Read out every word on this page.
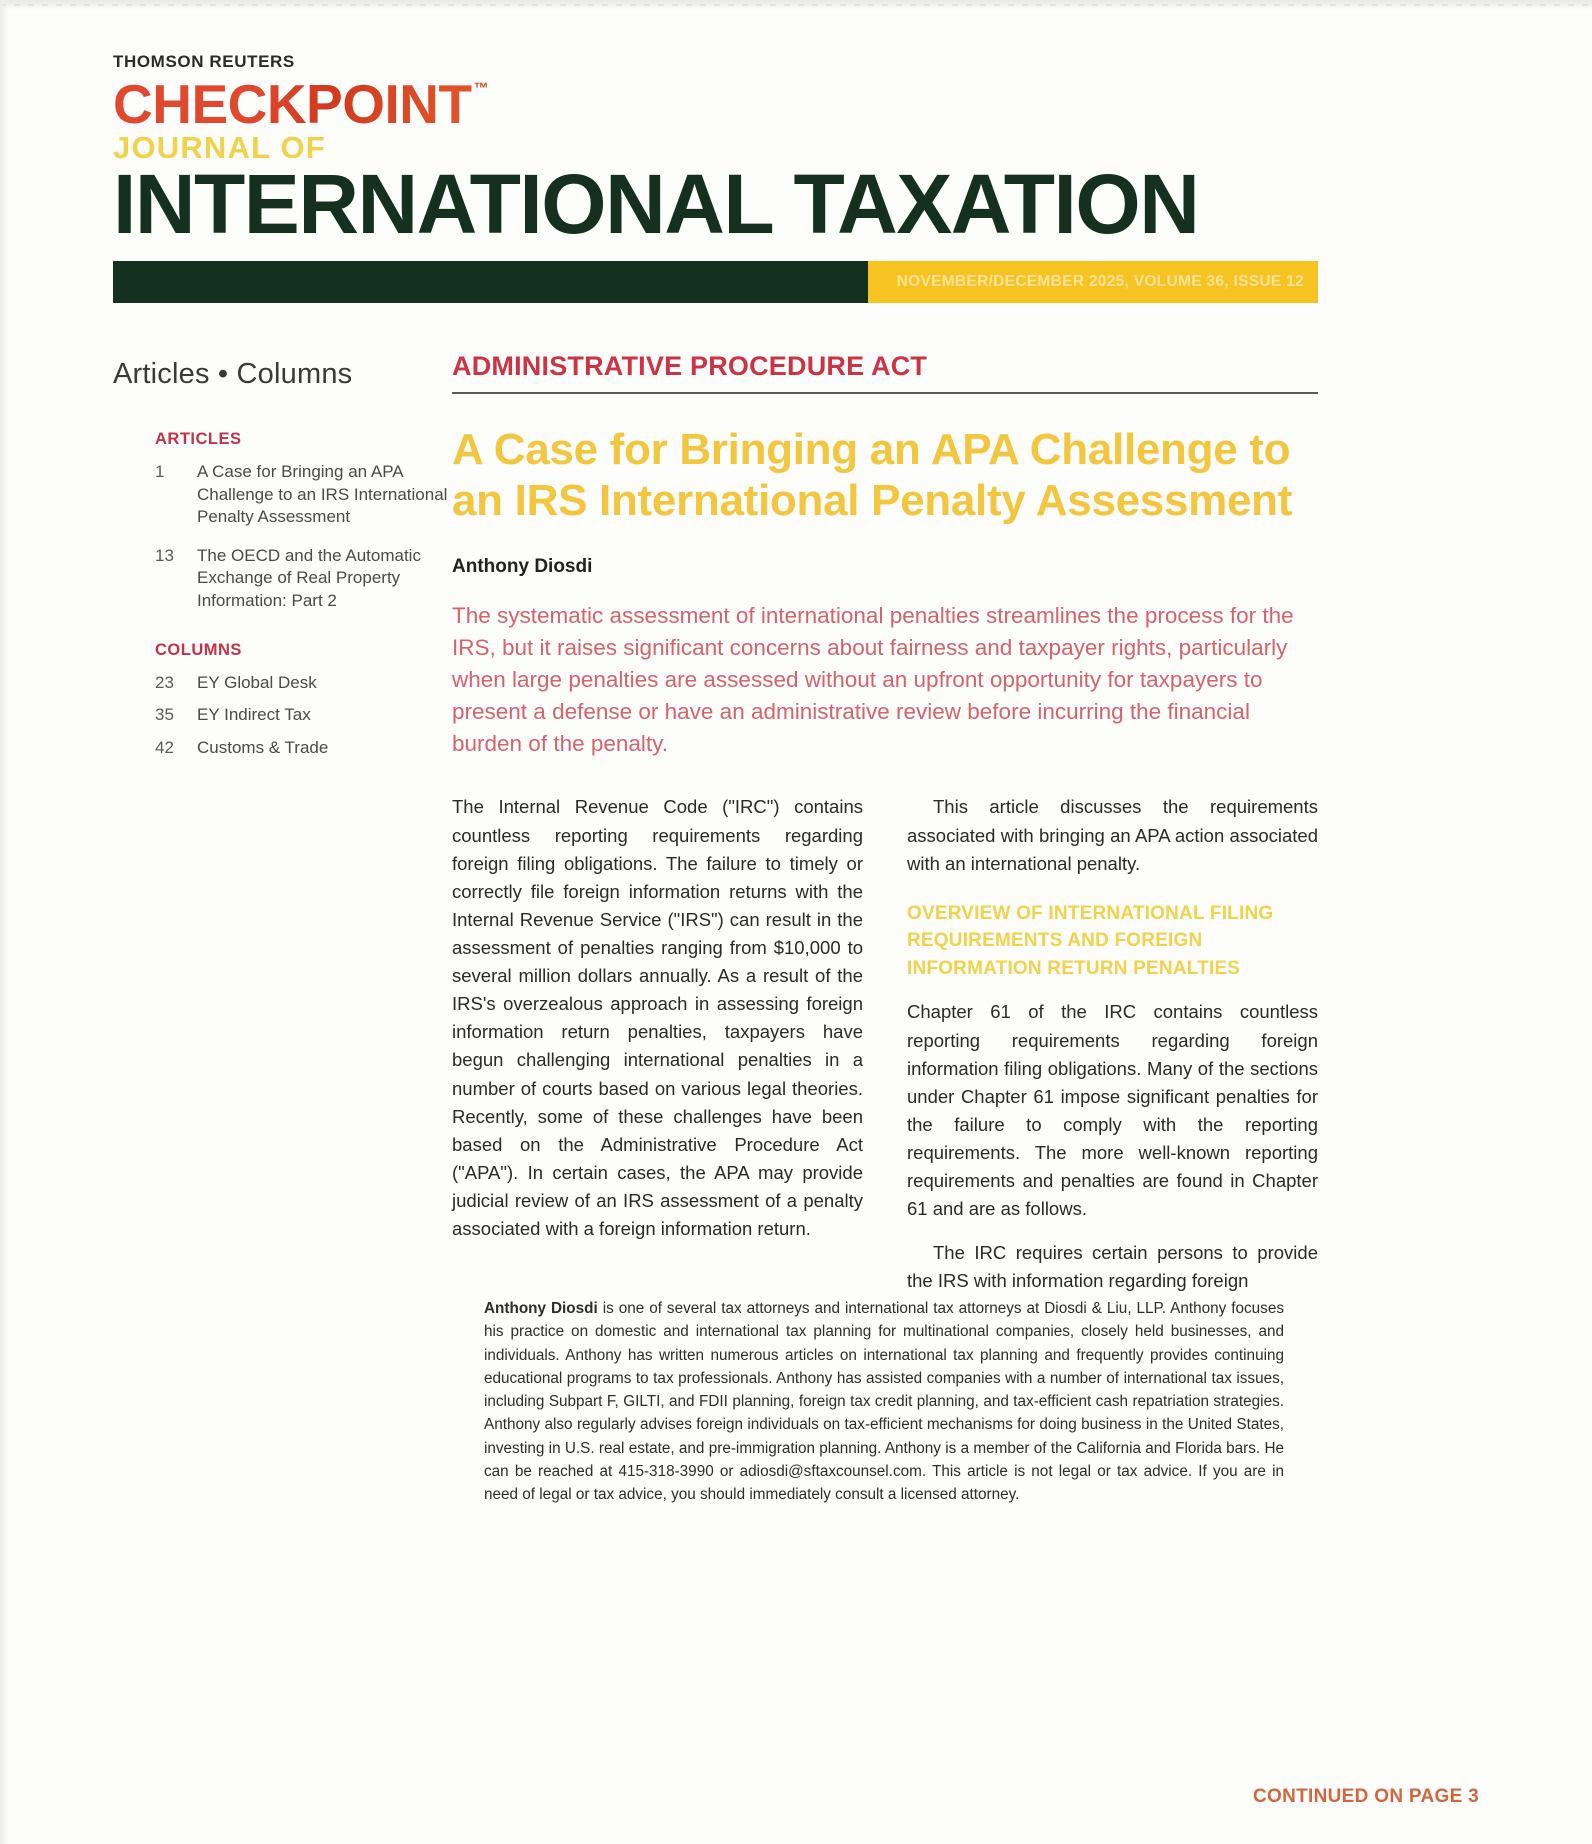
THOMSON REUTERS
CHECKPOINT ™
JOURNAL OF
INTERNATIONAL TAXATION
NOVEMBER/DECEMBER 2025, VOLUME 36, ISSUE 12
Articles • Columns
ARTICLES
1	A Case for Bringing an APA Challenge to an IRS International Penalty Assessment
13	The OECD and the Automatic Exchange of Real Property Information: Part 2
COLUMNS
23	EY Global Desk
35	EY Indirect Tax
42	Customs & Trade
ADMINISTRATIVE PROCEDURE ACT
A Case for Bringing an APA Challenge to an IRS International Penalty Assessment
Anthony Diosdi
The systematic assessment of international penalties streamlines the process for the IRS, but it raises significant concerns about fairness and taxpayer rights, particularly when large penalties are assessed without an upfront opportunity for taxpayers to present a defense or have an administrative review before incurring the financial burden of the penalty.

The Internal Revenue Code ("IRC") contains countless reporting requirements regarding foreign filing obligations. The failure to timely or correctly file foreign information returns with the Internal Revenue Service ("IRS") can result in the assessment of penalties ranging from $10,000 to several million dollars annually. As a result of the IRS's overzealous approach in assessing foreign information return penalties, taxpayers have begun challenging international penalties in a number of courts based on various legal theories. Recently, some of these challenges have been based on the Administrative Procedure Act ("APA"). In certain cases, the APA may provide judicial review of an IRS assessment of a penalty associated with a foreign information return.

This article discusses the requirements associated with bringing an APA action associated with an international penalty.

OVERVIEW OF INTERNATIONAL FILING REQUIREMENTS AND FOREIGN INFORMATION RETURN PENALTIES

Chapter 61 of the IRC contains countless reporting requirements regarding foreign information filing obligations. Many of the sections under Chapter 61 impose significant penalties for the failure to comply with the reporting requirements. The more well-known reporting requirements and penalties are found in Chapter 61 and are as follows.

The IRC requires certain persons to provide the IRS with information regarding foreign

Anthony Diosdi is one of several tax attorneys and international tax attorneys at Diosdi & Liu, LLP. Anthony focuses his practice on domestic and international tax planning for multinational companies, closely held businesses, and individuals. Anthony has written numerous articles on international tax planning and frequently provides continuing educational programs to tax professionals. Anthony has assisted companies with a number of international tax issues, including Subpart F, GILTI, and FDII planning, foreign tax credit planning, and tax-efficient cash repatriation strategies. Anthony also regularly advises foreign individuals on tax-efficient mechanisms for doing business in the United States, investing in U.S. real estate, and pre-immigration planning. Anthony is a member of the California and Florida bars. He can be reached at 415-318-3990 or adiosdi@sftaxcounsel.com. This article is not legal or tax advice. If you are in need of legal or tax advice, you should immediately consult a licensed attorney.

CONTINUED ON PAGE 3
